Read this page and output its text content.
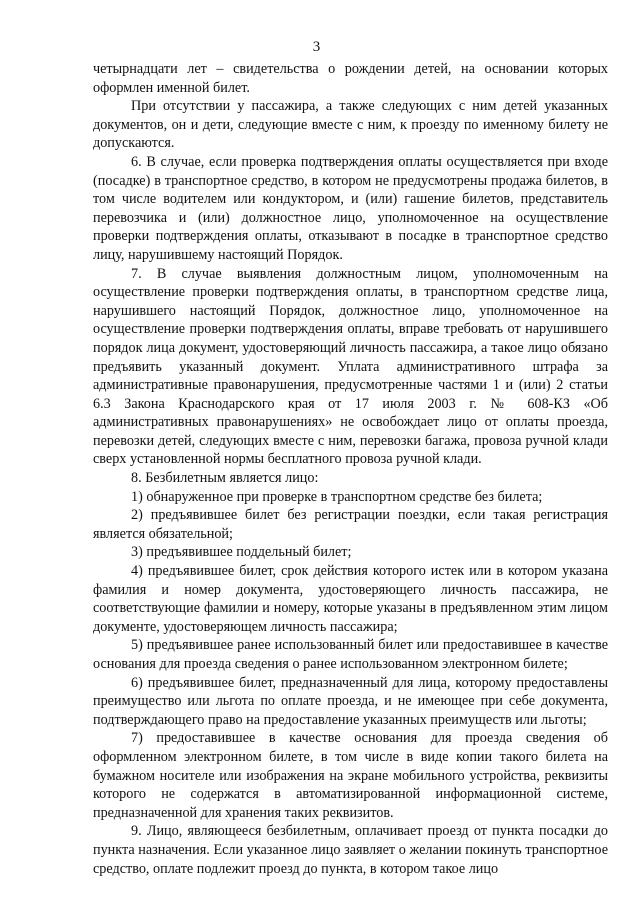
3

четырнадцати лет – свидетельства о рождении детей, на основании которых оформлен именной билет.

При отсутствии у пассажира, а также следующих с ним детей указанных документов, он и дети, следующие вместе с ним, к проезду по именному билету не допускаются.

6. В случае, если проверка подтверждения оплаты осуществляется при входе (посадке) в транспортное средство, в котором не предусмотрены продажа билетов, в том числе водителем или кондуктором, и (или) гашение билетов, представитель перевозчика и (или) должностное лицо, уполномоченное на осуществление проверки подтверждения оплаты, отказывают в посадке в транспортное средство лицу, нарушившему настоящий Порядок.

7. В случае выявления должностным лицом, уполномоченным на осуществление проверки подтверждения оплаты, в транспортном средстве лица, нарушившего настоящий Порядок, должностное лицо, уполномоченное на осуществление проверки подтверждения оплаты, вправе требовать от нарушившего порядок лица документ, удостоверяющий личность пассажира, а такое лицо обязано предъявить указанный документ. Уплата административного штрафа за административные правонарушения, предусмотренные частями 1 и (или) 2 статьи 6.3 Закона Краснодарского края от 17 июля 2003 г. № 608-КЗ «Об административных правонарушениях» не освобождает лицо от оплаты проезда, перевозки детей, следующих вместе с ним, перевозки багажа, провоза ручной клади сверх установленной нормы бесплатного провоза ручной клади.

8. Безбилетным является лицо:

1) обнаруженное при проверке в транспортном средстве без билета;

2) предъявившее билет без регистрации поездки, если такая регистрация является обязательной;

3) предъявившее поддельный билет;

4) предъявившее билет, срок действия которого истек или в котором указана фамилия и номер документа, удостоверяющего личность пассажира, не соответствующие фамилии и номеру, которые указаны в предъявленном этим лицом документе, удостоверяющем личность пассажира;

5) предъявившее ранее использованный билет или предоставившее в качестве основания для проезда сведения о ранее использованном электронном билете;

6) предъявившее билет, предназначенный для лица, которому предоставлены преимущество или льгота по оплате проезда, и не имеющее при себе документа, подтверждающего право на предоставление указанных преимуществ или льготы;

7) предоставившее в качестве основания для проезда сведения об оформленном электронном билете, в том числе в виде копии такого билета на бумажном носителе или изображения на экране мобильного устройства, реквизиты которого не содержатся в автоматизированной информационной системе, предназначенной для хранения таких реквизитов.

9. Лицо, являющееся безбилетным, оплачивает проезд от пункта посадки до пункта назначения. Если указанное лицо заявляет о желании покинуть транспортное средство, оплате подлежит проезд до пункта, в котором такое лицо
